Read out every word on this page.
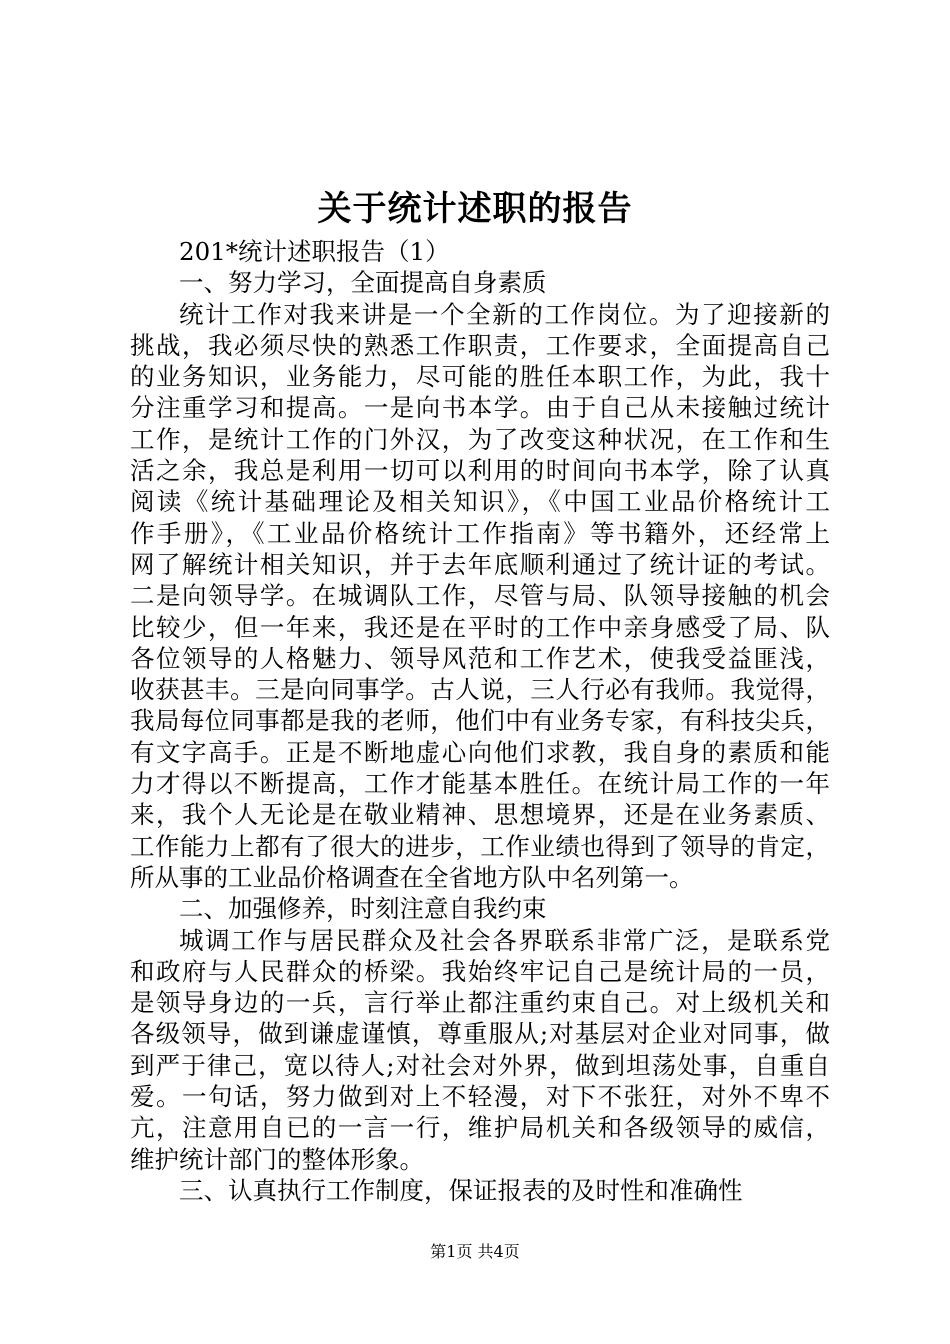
关于统计述职的报告
201*统计述职报告（1）
一、努力学习，全面提高自身素质
统计工作对我来讲是一个全新的工作岗位。为了迎接新的
挑战，我必须尽快的熟悉工作职责，工作要求，全面提高自己
的业务知识，业务能力，尽可能的胜任本职工作，为此，我十
分注重学习和提高。一是向书本学。由于自己从未接触过统计
工作，是统计工作的门外汉，为了改变这种状况，在工作和生
活之余，我总是利用一切可以利用的时间向书本学，除了认真
阅读《统计基础理论及相关知识》，《中国工业品价格统计工
作手册》，《工业品价格统计工作指南》等书籍外，还经常上
网了解统计相关知识，并于去年底顺利通过了统计证的考试。
二是向领导学。在城调队工作，尽管与局、队领导接触的机会
比较少，但一年来，我还是在平时的工作中亲身感受了局、队
各位领导的人格魅力、领导风范和工作艺术，使我受益匪浅，
收获甚丰。三是向同事学。古人说，三人行必有我师。我觉得，
我局每位同事都是我的老师，他们中有业务专家，有科技尖兵，
有文字高手。正是不断地虚心向他们求教，我自身的素质和能
力才得以不断提高，工作才能基本胜任。在统计局工作的一年
来，我个人无论是在敬业精神、思想境界，还是在业务素质、
工作能力上都有了很大的进步，工作业绩也得到了领导的肯定，
所从事的工业品价格调查在全省地方队中名列第一。
二、加强修养，时刻注意自我约束
城调工作与居民群众及社会各界联系非常广泛，是联系党
和政府与人民群众的桥梁。我始终牢记自己是统计局的一员，
是领导身边的一兵，言行举止都注重约束自己。对上级机关和
各级领导，做到谦虚谨慎，尊重服从;对基层对企业对同事，做
到严于律己，宽以待人;对社会对外界，做到坦荡处事，自重自
爱。一句话，努力做到对上不轻漫，对下不张狂，对外不卑不
亢，注意用自已的一言一行，维护局机关和各级领导的威信，
维护统计部门的整体形象。
三、认真执行工作制度，保证报表的及时性和准确性
第1页 共4页
